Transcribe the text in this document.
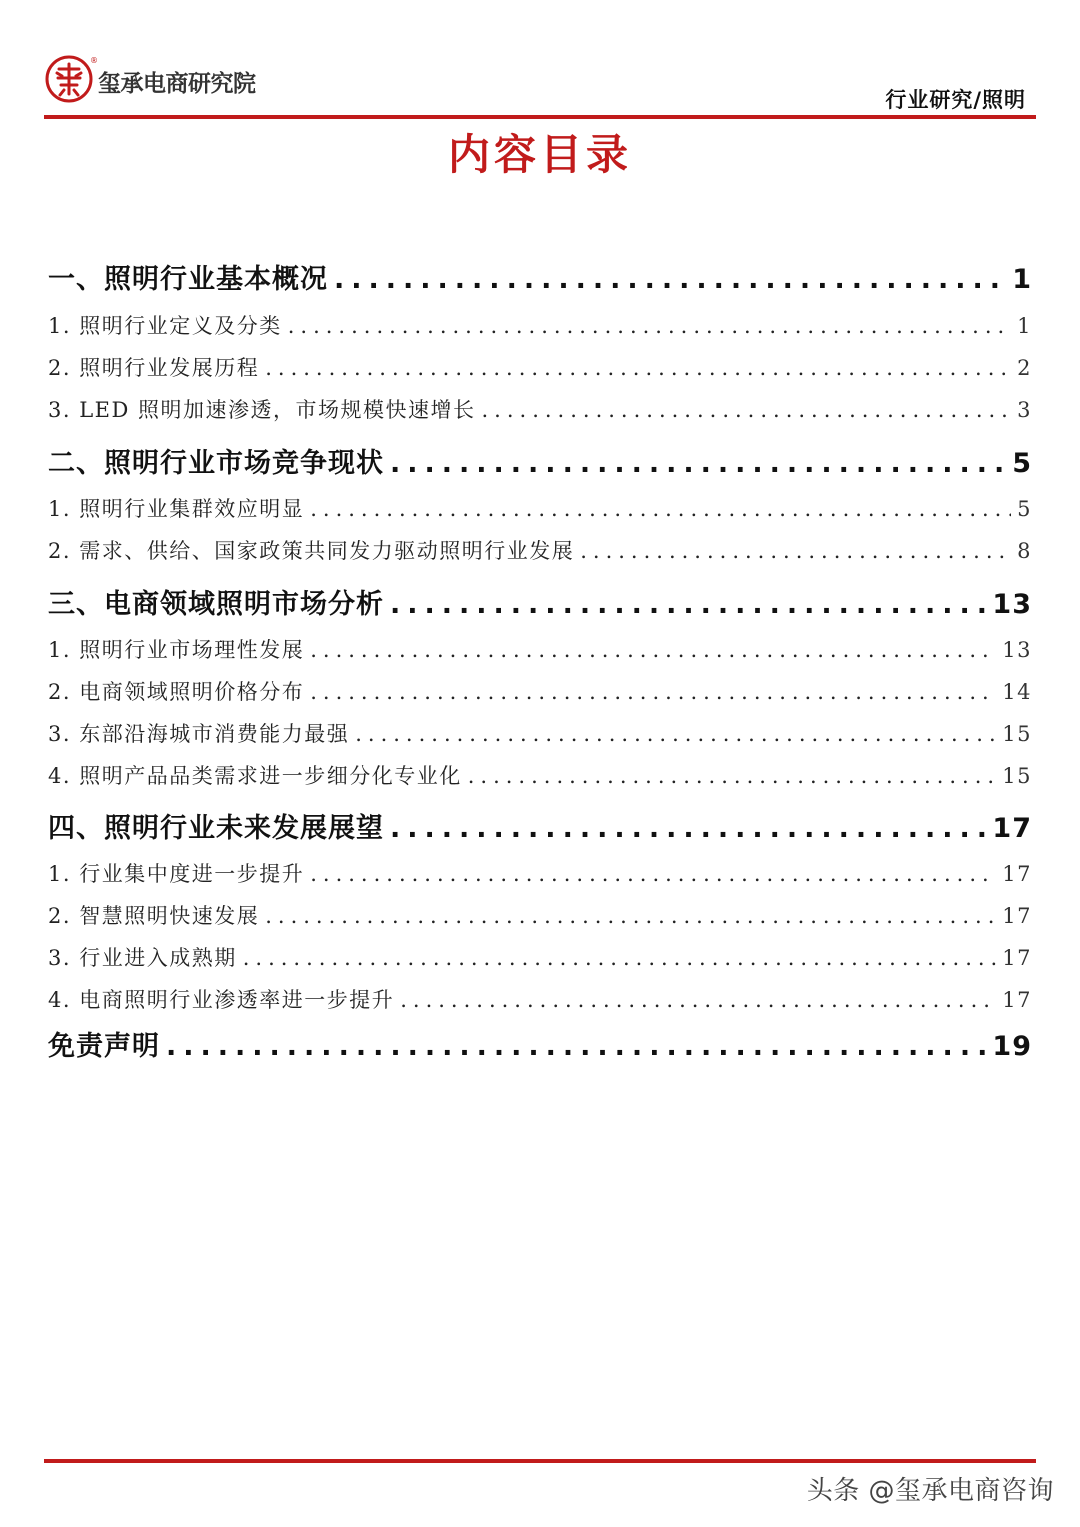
®
玺承电商研究院
行业研究/照明
内容目录
一、照明行业基本概况 .....	1
1. 照明行业定义及分类 .....	1
2. 照明行业发展历程 .....	2
3. LED 照明加速渗透，市场规模快速增长 .....	3
二、照明行业市场竞争现状 .....	5
1. 照明行业集群效应明显 .....	5
2. 需求、供给、国家政策共同发力驱动照明行业发展 .....	8
三、电商领域照明市场分析 .....	13
1. 照明行业市场理性发展 .....	13
2. 电商领域照明价格分布 .....	14
3. 东部沿海城市消费能力最强 .....	15
4. 照明产品品类需求进一步细分化专业化 .....	15
四、照明行业未来发展展望 .....	17
1. 行业集中度进一步提升 .....	17
2. 智慧照明快速发展 .....	17
3. 行业进入成熟期 .....	17
4. 电商照明行业渗透率进一步提升 .....	17
免责声明 .....	19
头条 @玺承电商咨询
